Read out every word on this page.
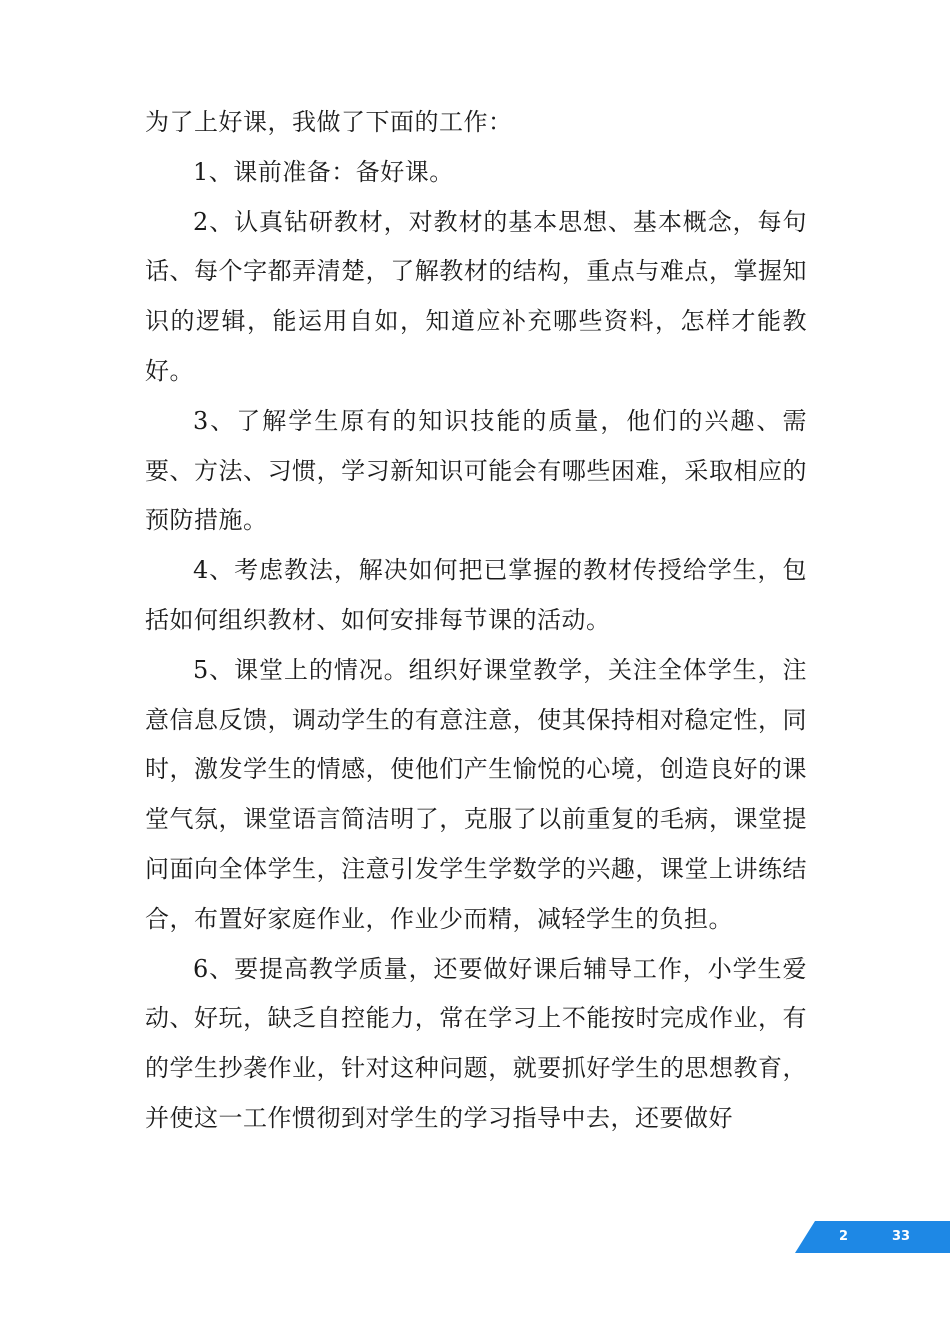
为了上好课，我做了下面的工作：

1、课前准备：备好课。

2、认真钻研教材，对教材的基本思想、基本概念，每句话、每个字都弄清楚，了解教材的结构，重点与难点，掌握知识的逻辑，能运用自如，知道应补充哪些资料，怎样才能教好。

3、了解学生原有的知识技能的质量，他们的兴趣、需要、方法、习惯，学习新知识可能会有哪些困难，采取相应的预防措施。

4、考虑教法，解决如何把已掌握的教材传授给学生，包括如何组织教材、如何安排每节课的活动。

5、课堂上的情况。组织好课堂教学，关注全体学生，注意信息反馈，调动学生的有意注意，使其保持相对稳定性，同时，激发学生的情感，使他们产生愉悦的心境，创造良好的课堂气氛，课堂语言简洁明了，克服了以前重复的毛病，课堂提问面向全体学生，注意引发学生学数学的兴趣，课堂上讲练结合，布置好家庭作业，作业少而精，减轻学生的负担。

6、要提高教学质量，还要做好课后辅导工作，小学生爱动、好玩，缺乏自控能力，常在学习上不能按时完成作业，有的学生抄袭作业，针对这种问题，就要抓好学生的思想教育，并使这一工作惯彻到对学生的学习指导中去，还要做好

2	33
